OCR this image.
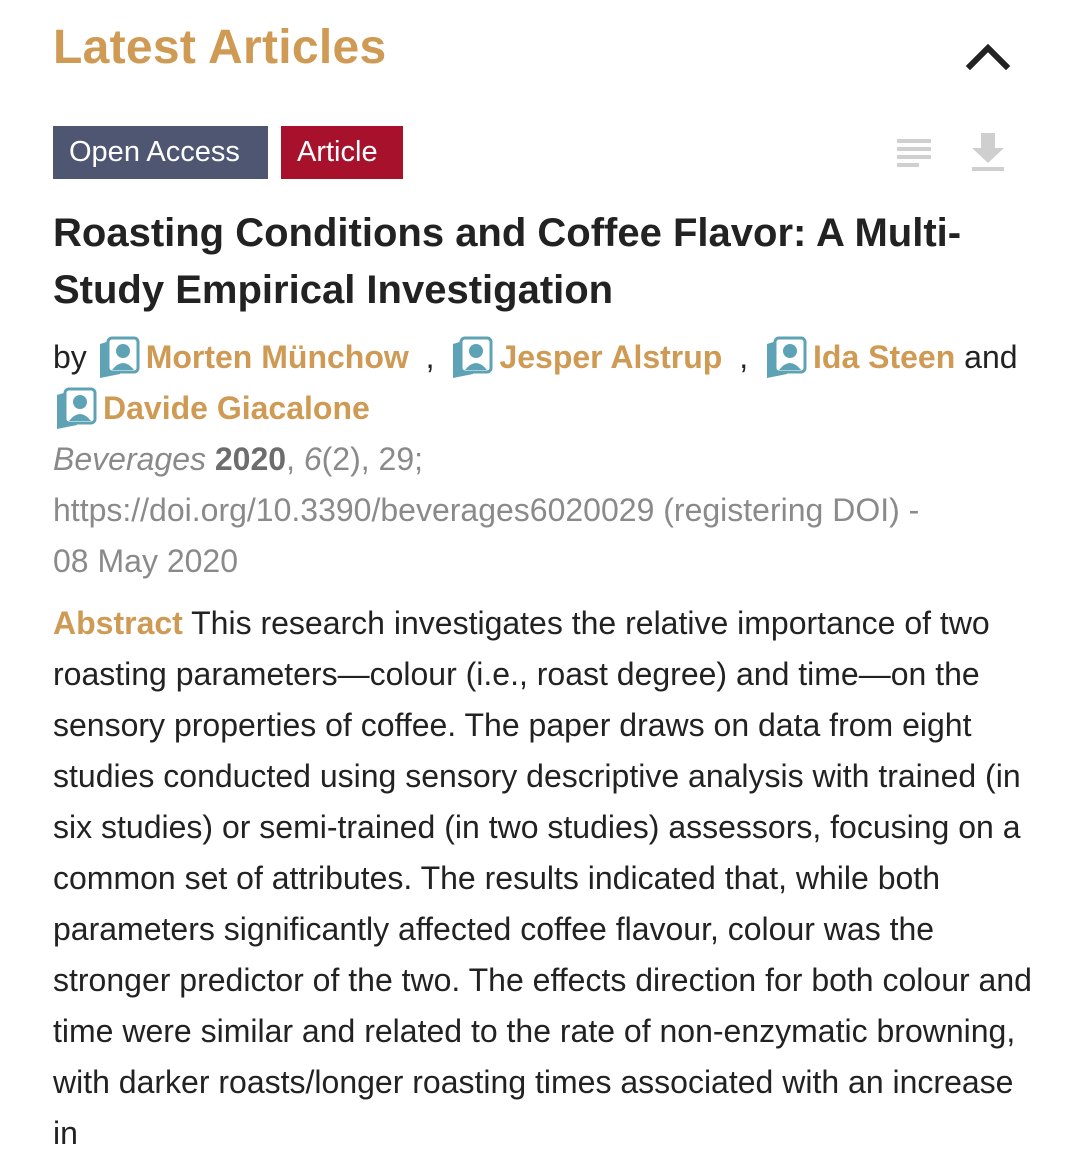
Latest Articles
Open Access	Article
Roasting Conditions and Coffee Flavor: A Multi-Study Empirical Investigation
by Morten Münchow , Jesper Alstrup , Ida Steen and
Davide Giacalone
Beverages 2020, 6(2), 29;
https://doi.org/10.3390/beverages6020029 (registering DOI) -
08 May 2020

Abstract This research investigates the relative importance of two roasting parameters—colour (i.e., roast degree) and time—on the sensory properties of coffee. The paper draws on data from eight studies conducted using sensory descriptive analysis with trained (in six studies) or semi-trained (in two studies) assessors, focusing on a common set of attributes. The results indicated that, while both parameters significantly affected coffee flavour, colour was the stronger predictor of the two. The effects direction for both colour and time were similar and related to the rate of non-enzymatic browning, with darker roasts/longer roasting times associated with an increase in
